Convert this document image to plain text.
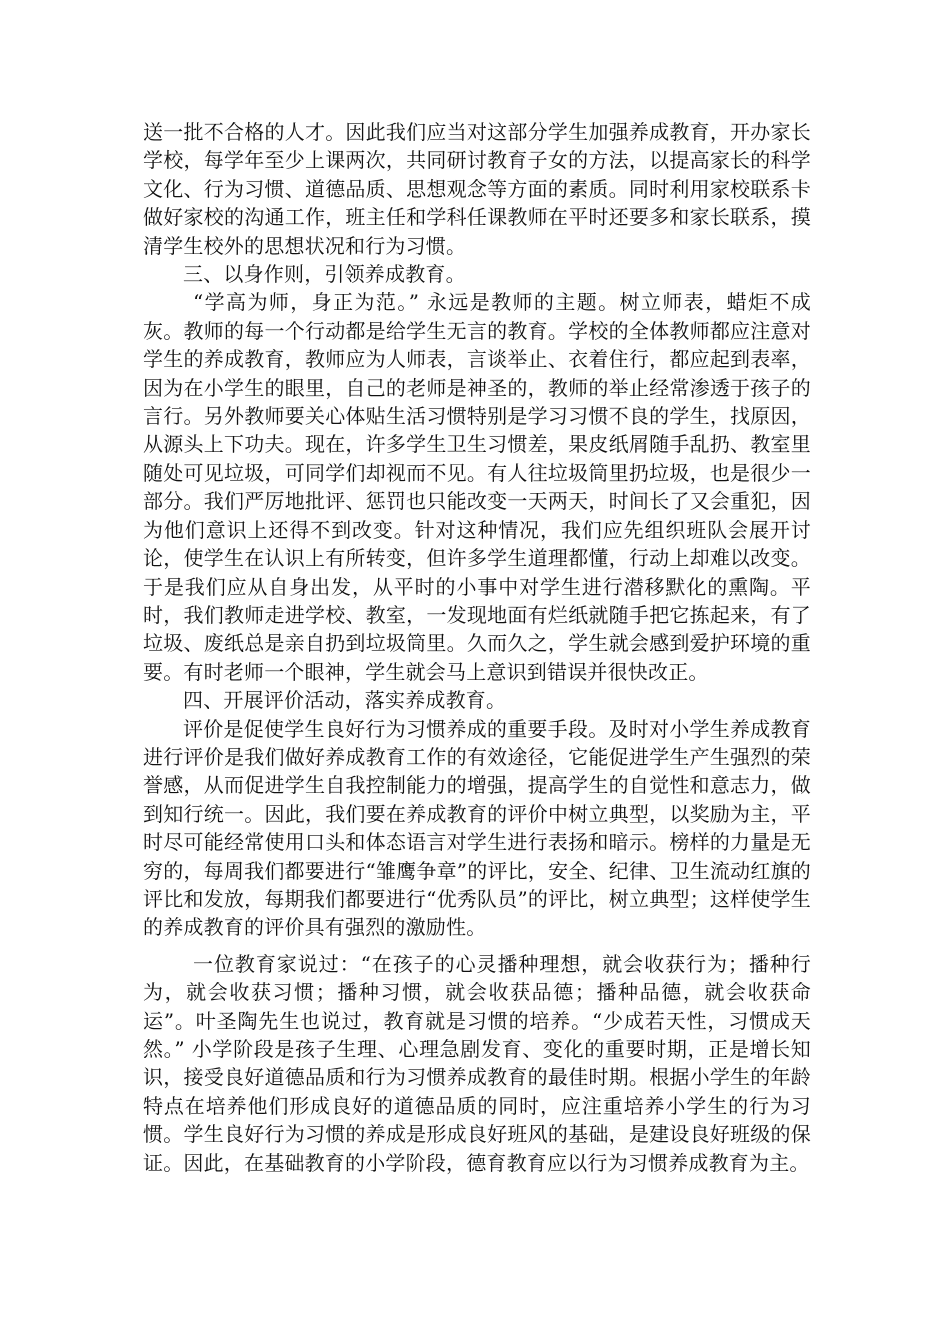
送一批不合格的人才。因此我们应当对这部分学生加强养成教育，开办家长学校，每学年至少上课两次，共同研讨教育子女的方法，以提高家长的科学文化、行为习惯、道德品质、思想观念等方面的素质。同时利用家校联系卡做好家校的沟通工作，班主任和学科任课教师在平时还要多和家长联系，摸清学生校外的思想状况和行为习惯。

三、以身作则，引领养成教育。

“学高为师，身正为范。” 永远是教师的主题。树立师表，蜡炬不成灰。教师的每一个行动都是给学生无言的教育。学校的全体教师都应注意对学生的养成教育，教师应为人师表，言谈举止、衣着住行，都应起到表率，因为在小学生的眼里，自己的老师是神圣的，教师的举止经常渗透于孩子的言行。另外教师要关心体贴生活习惯特别是学习习惯不良的学生，找原因，从源头上下功夫。现在，许多学生卫生习惯差，果皮纸屑随手乱扔、教室里随处可见垃圾，可同学们却视而不见。有人往垃圾筒里扔垃圾，也是很少一部分。我们严厉地批评、惩罚也只能改变一天两天，时间长了又会重犯，因为他们意识上还得不到改变。针对这种情况，我们应先组织班队会展开讨论，使学生在认识上有所转变，但许多学生道理都懂，行动上却难以改变。于是我们应从自身出发，从平时的小事中对学生进行潜移默化的熏陶。平时，我们教师走进学校、教室，一发现地面有烂纸就随手把它拣起来，有了垃圾、废纸总是亲自扔到垃圾筒里。久而久之，学生就会感到爱护环境的重要。有时老师一个眼神，学生就会马上意识到错误并很快改正。

四、开展评价活动，落实养成教育。

评价是促使学生良好行为习惯养成的重要手段。及时对小学生养成教育进行评价是我们做好养成教育工作的有效途径，它能促进学生产生强烈的荣誉感，从而促进学生自我控制能力的增强，提高学生的自觉性和意志力，做到知行统一。因此，我们要在养成教育的评价中树立典型，以奖励为主，平时尽可能经常使用口头和体态语言对学生进行表扬和暗示。榜样的力量是无穷的，每周我们都要进行“雏鹰争章”的评比，安全、纪律、卫生流动红旗的评比和发放，每期我们都要进行“优秀队员”的评比，树立典型；这样使学生的养成教育的评价具有强烈的激励性。

一位教育家说过：“在孩子的心灵播种理想，就会收获行为；播种行为，就会收获习惯；播种习惯，就会收获品德；播种品德，就会收获命运”。叶圣陶先生也说过，教育就是习惯的培养。“少成若天性，习惯成天然。” 小学阶段是孩子生理、心理急剧发育、变化的重要时期，正是增长知识，接受良好道德品质和行为习惯养成教育的最佳时期。根据小学生的年龄特点在培养他们形成良好的道德品质的同时，应注重培养小学生的行为习惯。学生良好行为习惯的养成是形成良好班风的基础，是建设良好班级的保证。因此，在基础教育的小学阶段，德育教育应以行为习惯养成教育为主。
